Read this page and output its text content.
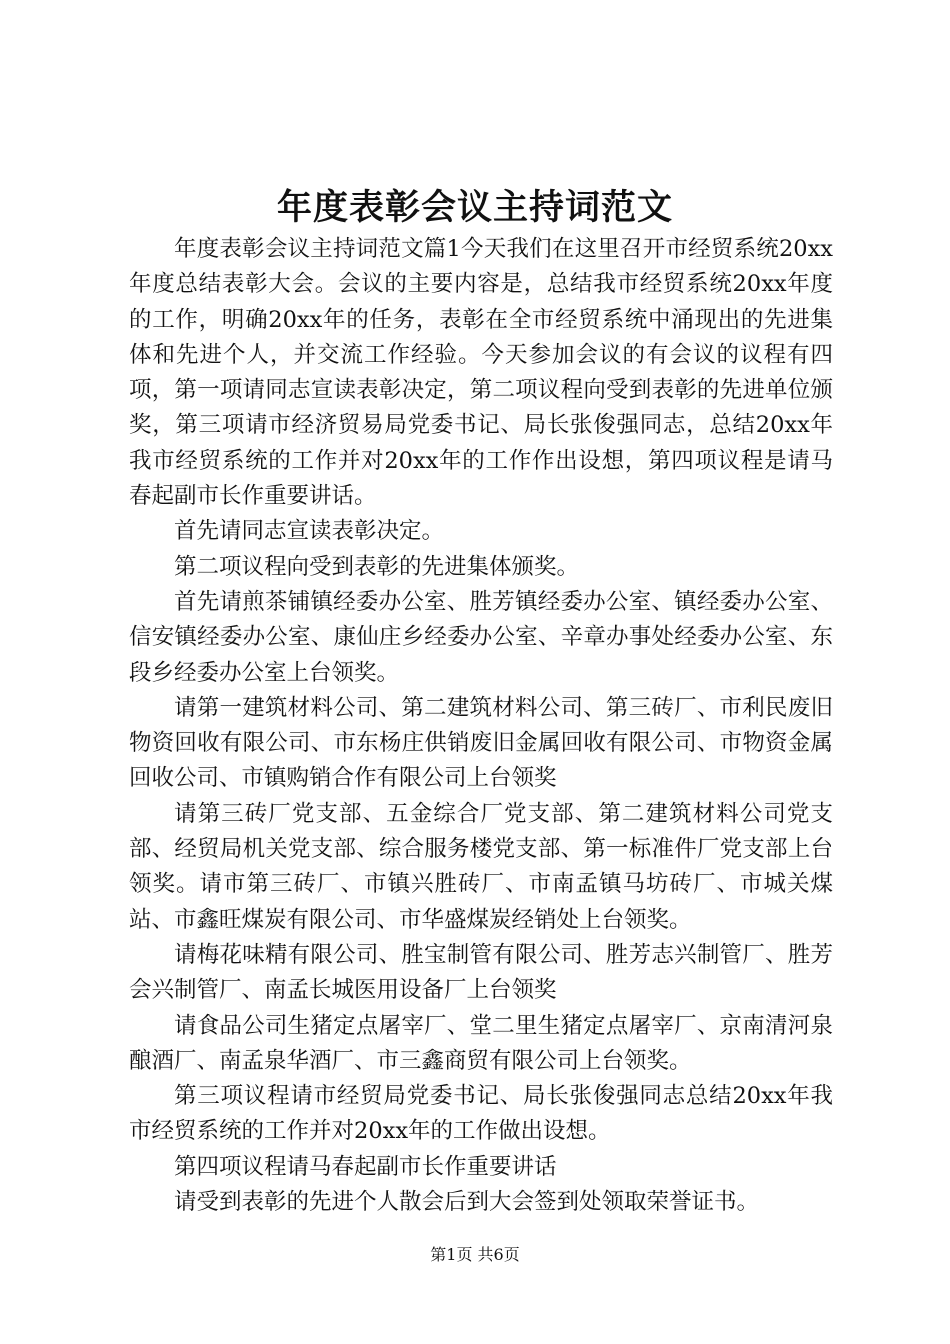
年度表彰会议主持词范文

年度表彰会议主持词范文篇1今天我们在这里召开市经贸系统20xx年度总结表彰大会。会议的主要内容是，总结我市经贸系统20xx年度的工作，明确20xx年的任务，表彰在全市经贸系统中涌现出的先进集体和先进个人，并交流工作经验。今天参加会议的有会议的议程有四项，第一项请同志宣读表彰决定，第二项议程向受到表彰的先进单位颁奖，第三项请市经济贸易局党委书记、局长张俊强同志，总结20xx年我市经贸系统的工作并对20xx年的工作作出设想，第四项议程是请马春起副市长作重要讲话。

首先请同志宣读表彰决定。

第二项议程向受到表彰的先进集体颁奖。

首先请煎茶铺镇经委办公室、胜芳镇经委办公室、镇经委办公室、信安镇经委办公室、康仙庄乡经委办公室、辛章办事处经委办公室、东段乡经委办公室上台领奖。

请第一建筑材料公司、第二建筑材料公司、第三砖厂、市利民废旧物资回收有限公司、市东杨庄供销废旧金属回收有限公司、市物资金属回收公司、市镇购销合作有限公司上台领奖

请第三砖厂党支部、五金综合厂党支部、第二建筑材料公司党支部、经贸局机关党支部、综合服务楼党支部、第一标准件厂党支部上台领奖。请市第三砖厂、市镇兴胜砖厂、市南孟镇马坊砖厂、市城关煤站、市鑫旺煤炭有限公司、市华盛煤炭经销处上台领奖。

请梅花味精有限公司、胜宝制管有限公司、胜芳志兴制管厂、胜芳会兴制管厂、南孟长城医用设备厂上台领奖

请食品公司生猪定点屠宰厂、堂二里生猪定点屠宰厂、京南清河泉酿酒厂、南孟泉华酒厂、市三鑫商贸有限公司上台领奖。

第三项议程请市经贸局党委书记、局长张俊强同志总结20xx年我市经贸系统的工作并对20xx年的工作做出设想。

第四项议程请马春起副市长作重要讲话

请受到表彰的先进个人散会后到大会签到处领取荣誉证书。

第1页 共6页
